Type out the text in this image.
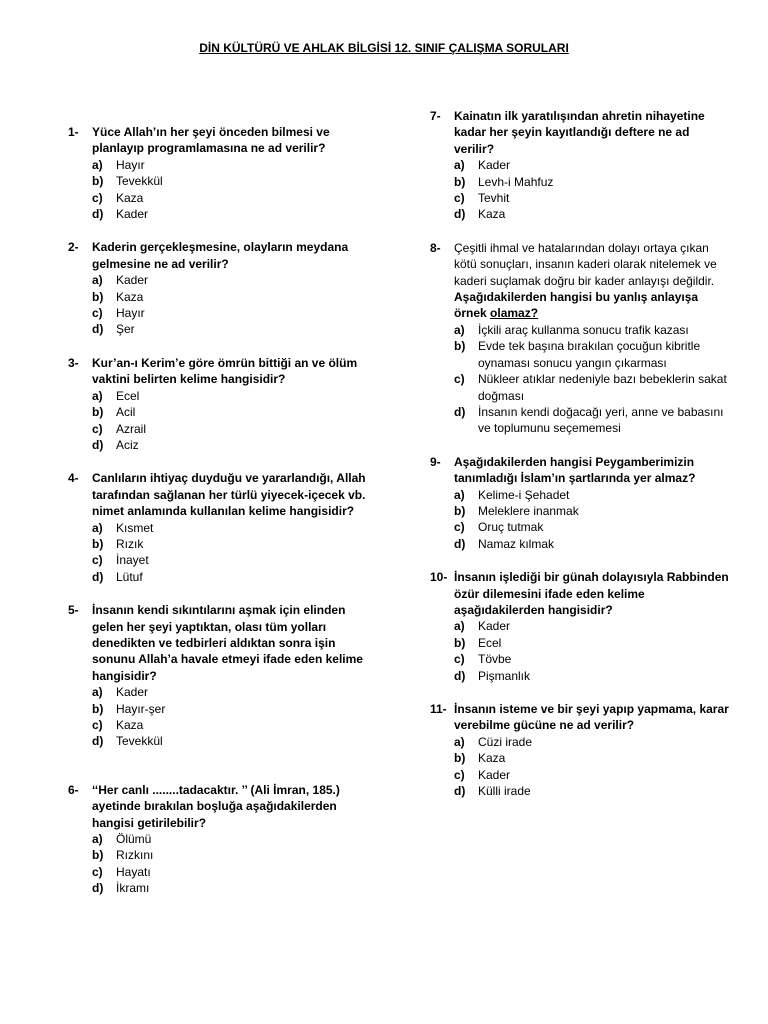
DİN KÜLTÜRÜ VE AHLAK BİLGİSİ 12. SINIF ÇALIŞMA SORULARI
1- Yüce Allah’ın her şeyi önceden bilmesi ve planlayıp programlamasına ne ad verilir?
a) Hayır
b) Tevekkül
c) Kaza
d) Kader
2- Kaderin gerçekleşmesine, olayların meydana gelmesine ne ad verilir?
a) Kader
b) Kaza
c) Hayır
d) Şer
3- Kur’an-ı Kerim’e göre ömrün bittiği an ve ölüm vaktini belirten kelime hangisidir?
a) Ecel
b) Acil
c) Azrail
d) Aciz
4- Canlıların ihtiyaç duyduğu ve yararlandığı, Allah tarafından sağlanan her türlü yiyecek-içecek vb. nimet anlamında kullanılan kelime hangisidir?
a) Kısmet
b) Rızık
c) İnayet
d) Lütuf
5- İnsanın kendi sıkıntılarını aşmak için elinden gelen her şeyi yaptıktan, olası tüm yolları denedikten ve tedbirleri aldıktan sonra işin sonunu Allah’a havale etmeyi ifade eden kelime hangisidir?
a) Kader
b) Hayır-şer
c) Kaza
d) Tevekkül
6- ‘‘Her canlı ........tadacaktır. ’’ (Ali İmran, 185.) ayetinde bırakılan boşluğa aşağıdakilerden hangisi getirilebilir?
a) Ölümü
b) Rızkını
c) Hayatı
d) İkramı
7- Kainatın ilk yaratılışından ahretin nihayetine kadar her şeyin kayıtlandığı deftere ne ad verilir?
a) Kader
b) Levh-i Mahfuz
c) Tevhit
d) Kaza
8- Çeşitli ihmal ve hatalarından dolayı ortaya çıkan kötü sonuçları, insanın kaderi olarak nitelemek ve kaderi suçlamak doğru bir kader anlayışı değildir. Aşağıdakilerden hangisi bu yanlış anlayışa örnek olamaz?
a) İçkili araç kullanma sonucu trafik kazası
b) Evde tek başına bırakılan çocuğun kibritle oynaması sonucu yangın çıkarması
c) Nükleer atıklar nedeniyle bazı bebeklerin sakat doğması
d) İnsanın kendi doğacağı yeri, anne ve babasını ve toplumunu seçememesi
9- Aşağıdakilerden hangisi Peygamberimizin tanımladığı İslam’ın şartlarında yer almaz?
a) Kelime-i Şehadet
b) Meleklere inanmak
c) Oruç tutmak
d) Namaz kılmak
10- İnsanın işlediği bir günah dolayısıyla Rabbinden özür dilemesini ifade eden kelime aşağıdakilerden hangisidir?
a) Kader
b) Ecel
c) Tövbe
d) Pişmanlık
11- İnsanın isteme ve bir şeyi yapıp yapmama, karar verebilme gücüne ne ad verilir?
a) Cüzi irade
b) Kaza
c) Kader
d) Külli irade
